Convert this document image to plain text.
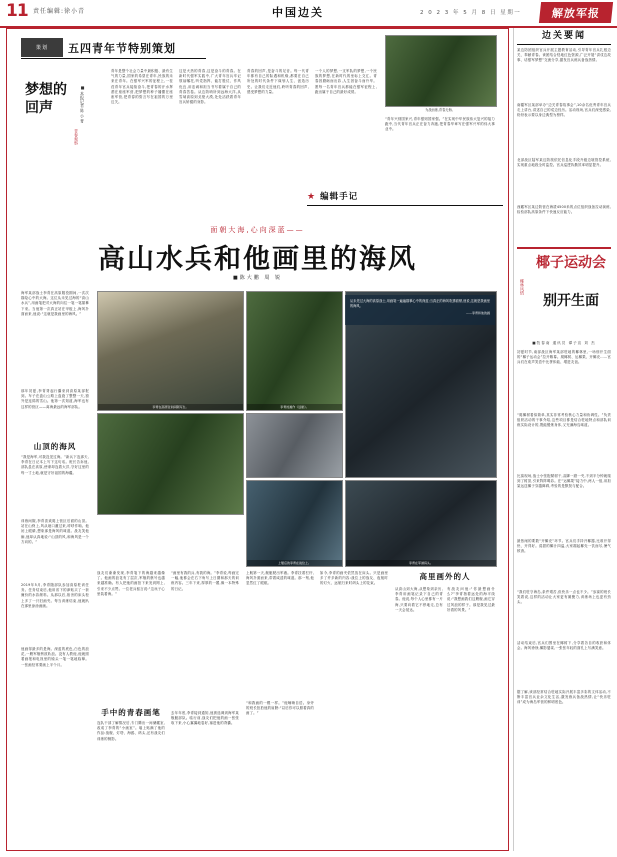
11 责任编辑:徐小青	中国边关	2 0 2 3 年 5 月 8 日 星期一	解放军报
策划	五四青年节特别策划
梦想的回声	■ 本报记者 陈 小 菁
青春观察
青年是整个社会力量中最积极、最有生气的力量,国家的希望在青年,民族的未来在青年。在强军兴军的征程上,一茬茬青年官兵接续奋斗,把青春的汗水挥洒在座座军营,把梦想的种子播撒在座座军营,把青春的誓言写在祖国的万里边关。
这是火热的青春,这是奋斗的青春。在新时代强军实践中,广大青年官兵牢记领袖嘱托,听党指挥、能打胜仗、作风优良,用忠诚和担当书写着属于自己的青春答卷。从边防哨所到远海大洋,从雪域高原到戈壁大漠,处处活跃着青年官兵矫健的身影。
青春的回声,是奋斗的足音。每一代青年都有自己的际遇和机缘,都要在自己所处的时代条件下谋划人生、创造历史。让我们走近他们,聆听青春的回声,感受梦想的力量。
一个人的梦想,一支军队的梦想,一个民族的梦想,在新时代的坐标上交汇。青春因磨砺而出彩,人生因奋斗而升华。愿每一名青年官兵都能在强军征程上,跑出属于自己的最好成绩。
为战而练,青春无悔。
“青年兴则国家兴,青年强则国家强。”在实现中华民族伟大复兴的接力跑中,当代青年官兵正在奋力奔跑,把青春华章写在强军兴军的伟大事业中。
★ 编辑手记
面朝大海,心向深蓝——
高山水兵和他画里的海风
■陈大鹏 周 锐
海军某部战士李青在高原服役期间,一次次描绘心中的大海。这位从未见过海的“高山水兵”,用画笔把对大海的向往一笔一笔描摹下来。当他第一次真正站在甲板上,海风扑面而来,他说:“这就是我画里的海风。”
那年初夏,李青背起行囊来到高原某部报到。车子在盘山公路上盘旋了整整一天,窗外是连绵的雪山。他第一次知道,海军也有这样的营区——离海最远的海军部队。
山顶的海风
“我是海军,可我没见过海。”新兵下连那天,李青在日记本上写下这句话。班长告诉他,部队虽在高原,使命却连着大洋,守好这里的每一寸土地,就是守好祖国的海疆。
训练间隙,李青喜欢爬上营区后面的山顶。站在山脊上,风从垭口灌过来,呼呼作响。他闭上眼睛,想象那是海风的味道。战友笑他痴,他却认真地说:“山顶的风,和海风是一个方向的。”
2019年5月,李青随部队参加高原驻训任务。任务结束后,他用省下的津贴买了一套廉价的水彩颜料。从那以后,宿舍的床头柜上多了一只旧画夹。每当训练结束,他就趴在那里涂涂画画。
他画得最多的是海。深蓝的底色,白色的浪花,一艘军舰劈波斩浪。没有人教他,他就照着画报和电视里的镜头一笔一笔地临摹。一张画经常要画上半个月。
李青在高原驻训间隙写生。	李青的画作《远航》。
从未见过大海的高原战士,用画笔一遍遍描摹心中的深蓝;当真正的海风吹拂面颊,他说,这就是我画里的海风。
——李青和他的画
上舰后的李青在战位上。	李青在军港码头。
战友们渐渐发现,李青笔下的海越来越像了。他画的浪花有了层次,军舰的舷号也越来越准确。有人把他的画拍下来发到网上,引来不少点赞。一位老兵留言说:“这孩子心里装着海。”
手中的青春画笔
连队干部了解情况后,专门腾出一间储藏室,改成了李青的“小画室”。墙上贴满了他的作品:战舰、灯塔、海鸥、码头,还有战友们训练的侧影。
“画里有我的兵,有我的海。”李青说,每画完一幅,他都会在右下角写上日期和那天的训练内容。三年下来,厚厚的一摞,像一本特殊的日记。
去年年底,李青接到通知,他被选调到海军某舰艇部队。临行前,战友们把他的画一张张取下来,小心翼翼地卷好,塞进他的背囊。
上舰第一天,舰艇驶出军港。李青扶着栏杆,海风扑面而来,带着咸涩的味道。那一刻,他忽然红了眼眶。
“和我画的一模一样。”他喃喃自语。身旁的班长拍拍他的肩膀:“以后你可以照着真的画了。”
如今,李青的画夹依然放在床头。只是画里多了许多新的内容:战位上的战友、夜航时的灯火、远航归来时码头上的花束。
高里画外的人
从高山到大海,从想象到亲历,李青用画笔记录下自己的青春。他说,每个人心里都有一片海,只要向着它不停地走,总有一天会抵达。
有战友问他:“你最想画什么?”李青指着远处的海平线说:“我想画我们这艘舰,画它穿过风浪的样子。那是我见过最好看的风景。”
边关要闻
某边防团组织官兵开展主题教育活动,引导青年官兵扎根边关、奉献青春。该团结合驻地红色资源,广泛开展“讲戍边故事、话强军梦想”交流分享,激发官兵练兵备战热情。
南疆军区某部举办“边关青春故事会”,10余名优秀青年官兵走上讲台,讲述自己的戍边经历。活动现场,官兵们深受感染,纷纷表示要以身边典型为榜样。
北部战区陆军某边防旅依托信息化手段升级边境管控系统,实现重点地段全时监控。官兵巡逻执勤效率明显提升。
西藏军区某边防营在海拔4500米的点位组织战备拉动演练,检验部队高原条件下快速反应能力。
椰林风情
椰子运动会
别开生面
■牧春南 通讯员 谭子宣 刘 杰
初夏时节,南部战区海军某部驻地的椰林里,一场别开生面的“椰子运动会”拉开帷幕。爬椰树、运椰果、开椰壳……官兵们在欢声笑语中比拼体能、增进友谊。
“爬椰树看似简单,其实非常考验核心力量和协调性。”负责组织活动的干事介绍,这些项目都是结合驻地特点和部队训练实际设计的,既能锻炼身体,又充满海岛味道。
比赛现场,战士小张抱紧树干,双脚一蹬一夹,不到半分钟就爬到了树顶,引来阵阵喝彩。在“运椰果”接力中,两人一组,用担架运送椰子穿越障碍,考验的是默契与配合。
最热闹的要数“开椰壳”环节。官兵们手持开椰器,比谁开得快、开得好。清甜的椰汁四溢,大家端起椰壳一饮而尽,暑气顿消。
“我们驻守海岛,条件艰苦,但快乐一点也不少。”参赛的班长笑着说,这样的活动让大家更有凝聚力,训练场上也更有劲头。
活动结束后,官兵们围坐在椰树下,分享着各自的收获和体会。海风徐徐,椰影婆娑,一张张年轻的面孔上写满笑意。
据了解,该部经常结合驻地实际开展丰富多彩的文体活动,不断丰富官兵业余文化生活,激发练兵备战热情,让“快乐驻训”成为海岛军营的鲜明底色。
